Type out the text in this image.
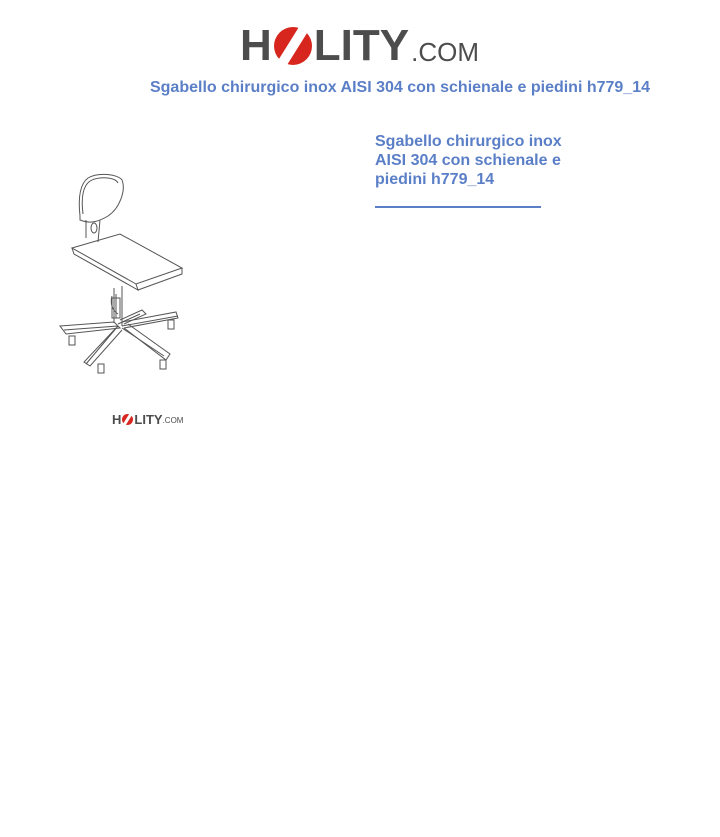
H LITY .COM
Sgabello chirurgico inox AISI 304 con schienale e piedini h779_14
H LITY .COM
Sgabello chirurgico inox AISI 304 con schienale e piedini h779_14
